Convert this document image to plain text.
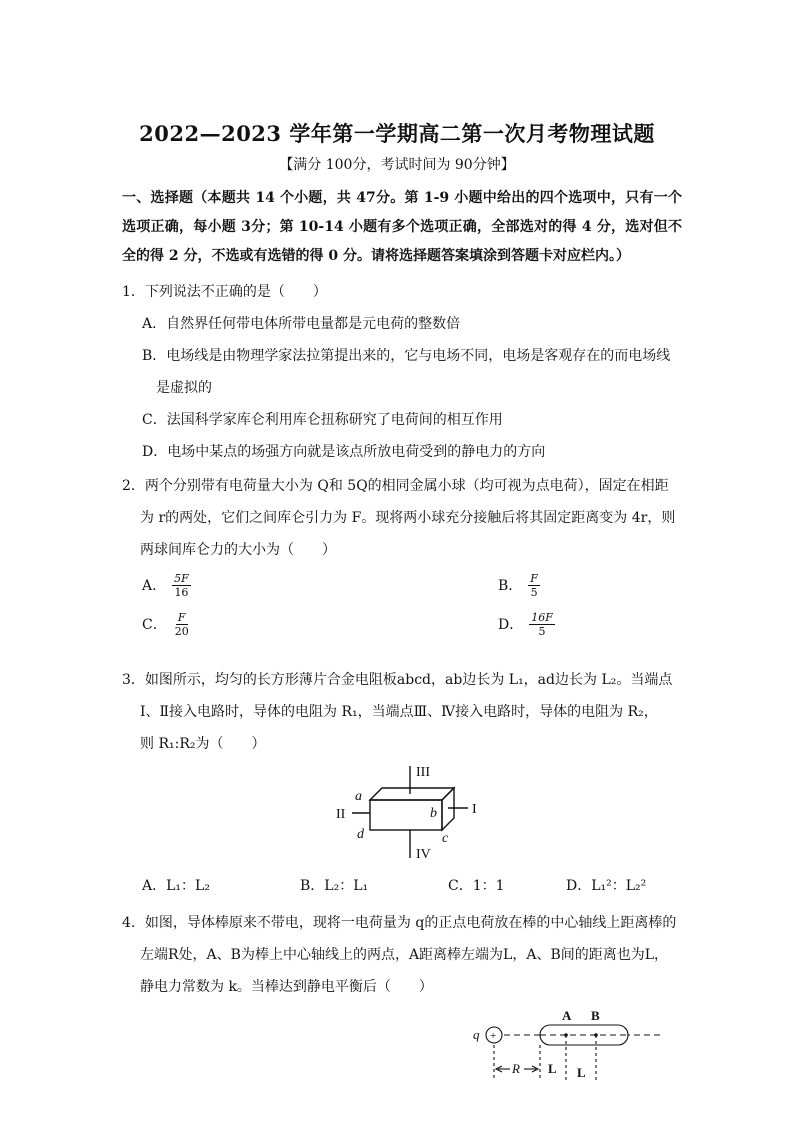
2022—2023 学年第一学期高二第一次月考物理试题
【满分 100分，考试时间为 90分钟】
一、选择题（本题共 14 个小题，共 47分。第 1-9 小题中给出的四个选项中，只有一个选项正确，每小题 3分；第 10-14 小题有多个选项正确，全部选对的得 4 分，选对但不全的得 2 分，不选或有选错的得 0 分。请将选择题答案填涂到答题卡对应栏内。）

1．下列说法不正确的是（　　）

A．自然界任何带电体所带电量都是元电荷的整数倍

B．电场线是由物理学家法拉第提出来的，它与电场不同，电场是客观存在的而电场线是虚拟的

C．法国科学家库仑利用库仑扭称研究了电荷间的相互作用

D．电场中某点的场强方向就是该点所放电荷受到的静电力的方向

2．两个分别带有电荷量大小为 Q和 5Q的相同金属小球（均可视为点电荷），固定在相距为 r的两处，它们之间库仑引力为 F。现将两小球充分接触后将其固定距离变为 4r，则两球间库仑力的大小为（　　）

A． $\frac{5F}{16}$	B． $\frac{F}{5}$
C． $\frac{F}{20}$	D． $\frac{16F}{5}$

3．如图所示，均匀的长方形薄片合金电阻板abcd，ab边长为 L₁，ad边长为 L₂。当端点Ⅰ、Ⅱ接入电路时，导体的电阻为 R₁，当端点Ⅲ、Ⅳ接入电路时，导体的电阻为 R₂，

则 R₁:R₂为（　　）

III
II	I
IV
a
b
c
d
A．L₁：L₂	B．L₂：L₁	C．1：1	D．L₁²：L₂²

4．如图，导体棒原来不带电，现将一电荷量为 q的正点电荷放在棒的中心轴线上距离棒的左端R处，A、B为棒上中心轴线上的两点，A距离棒左端为L，A、B间的距离也为L，静电力常数为 k。当棒达到静电平衡后（　　）

q +
A B
R L L
